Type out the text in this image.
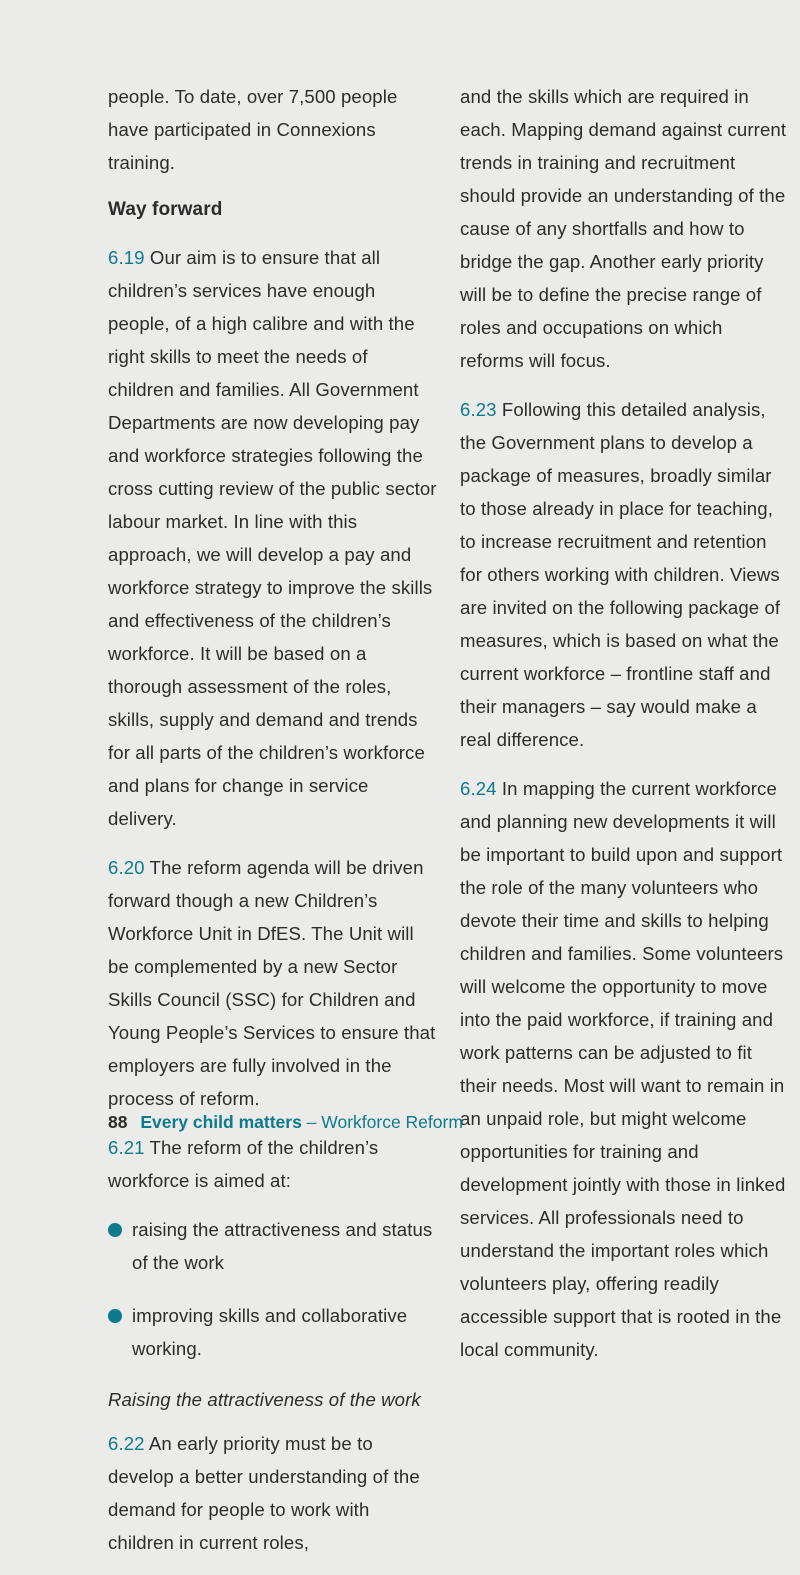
people. To date, over 7,500 people have participated in Connexions training.

Way forward

6.19 Our aim is to ensure that all children’s services have enough people, of a high calibre and with the right skills to meet the needs of children and families. All Government Departments are now developing pay and workforce strategies following the cross cutting review of the public sector labour market. In line with this approach, we will develop a pay and workforce strategy to improve the skills and effectiveness of the children’s workforce. It will be based on a thorough assessment of the roles, skills, supply and demand and trends for all parts of the children’s workforce and plans for change in service delivery.

6.20 The reform agenda will be driven forward though a new Children’s Workforce Unit in DfES. The Unit will be complemented by a new Sector Skills Council (SSC) for Children and Young People’s Services to ensure that employers are fully involved in the process of reform.

6.21 The reform of the children’s workforce is aimed at:

raising the attractiveness and status of the work
improving skills and collaborative working.
Raising the attractiveness of the work

6.22 An early priority must be to develop a better understanding of the demand for people to work with children in current roles,

and the skills which are required in each. Mapping demand against current trends in training and recruitment should provide an understanding of the cause of any shortfalls and how to bridge the gap. Another early priority will be to define the precise range of roles and occupations on which reforms will focus.

6.23 Following this detailed analysis, the Government plans to develop a package of measures, broadly similar to those already in place for teaching, to increase recruitment and retention for others working with children. Views are invited on the following package of measures, which is based on what the current workforce – frontline staff and their managers – say would make a real difference.

6.24 In mapping the current workforce and planning new developments it will be important to build upon and support the role of the many volunteers who devote their time and skills to helping children and families. Some volunteers will welcome the opportunity to move into the paid workforce, if training and work patterns can be adjusted to fit their needs. Most will want to remain in an unpaid role, but might welcome opportunities for training and development jointly with those in linked services. All professionals need to understand the important roles which volunteers play, offering readily accessible support that is rooted in the local community.

88 Every child matters – Workforce Reform
